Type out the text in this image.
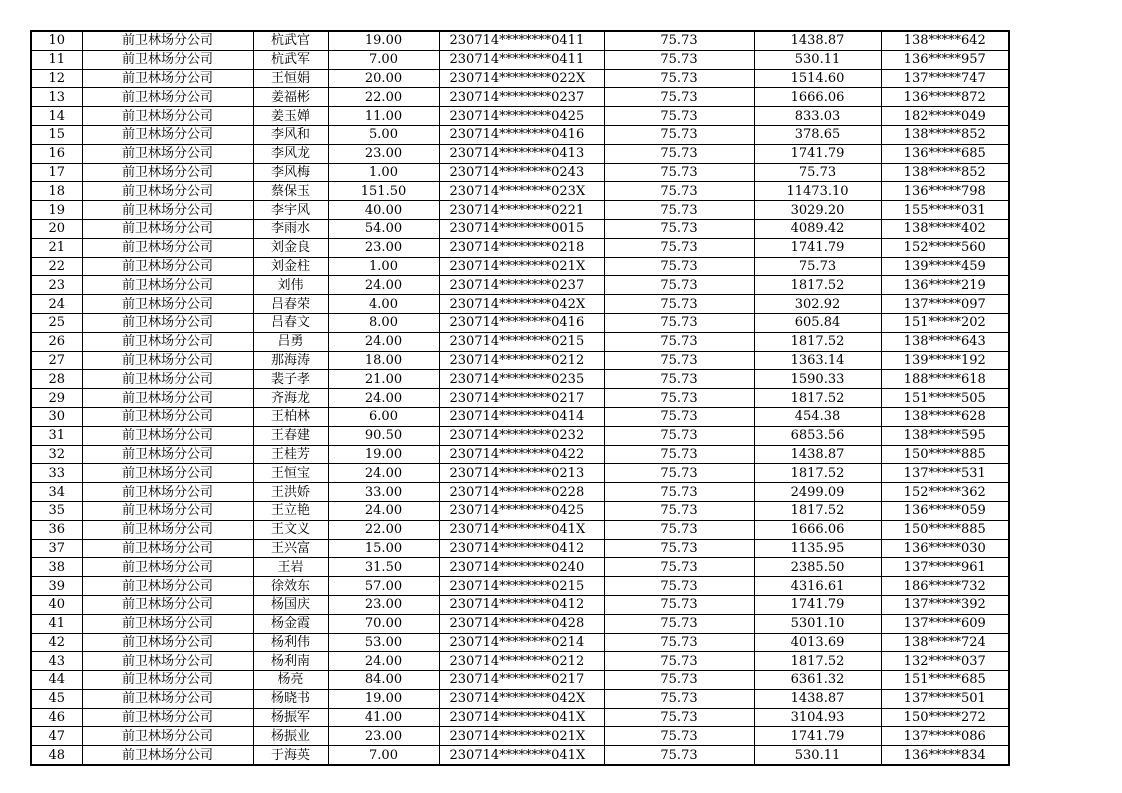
10	前卫林场分公司	杭武官	19.00	230714********0411	75.73	1438.87	138*****642
11	前卫林场分公司	杭武军	7.00	230714********0411	75.73	530.11	136*****957
12	前卫林场分公司	王恒娟	20.00	230714********022X	75.73	1514.60	137*****747
13	前卫林场分公司	姜福彬	22.00	230714********0237	75.73	1666.06	136*****872
14	前卫林场分公司	姜玉婵	11.00	230714********0425	75.73	833.03	182*****049
15	前卫林场分公司	李风和	5.00	230714********0416	75.73	378.65	138*****852
16	前卫林场分公司	李风龙	23.00	230714********0413	75.73	1741.79	136*****685
17	前卫林场分公司	李风梅	1.00	230714********0243	75.73	75.73	138*****852
18	前卫林场分公司	蔡保玉	151.50	230714********023X	75.73	11473.10	136*****798
19	前卫林场分公司	李宇风	40.00	230714********0221	75.73	3029.20	155*****031
20	前卫林场分公司	李雨水	54.00	230714********0015	75.73	4089.42	138*****402
21	前卫林场分公司	刘金良	23.00	230714********0218	75.73	1741.79	152*****560
22	前卫林场分公司	刘金柱	1.00	230714********021X	75.73	75.73	139*****459
23	前卫林场分公司	刘伟	24.00	230714********0237	75.73	1817.52	136*****219
24	前卫林场分公司	吕春荣	4.00	230714********042X	75.73	302.92	137*****097
25	前卫林场分公司	吕春文	8.00	230714********0416	75.73	605.84	151*****202
26	前卫林场分公司	吕勇	24.00	230714********0215	75.73	1817.52	138*****643
27	前卫林场分公司	那海涛	18.00	230714********0212	75.73	1363.14	139*****192
28	前卫林场分公司	裴子孝	21.00	230714********0235	75.73	1590.33	188*****618
29	前卫林场分公司	齐海龙	24.00	230714********0217	75.73	1817.52	151*****505
30	前卫林场分公司	王柏林	6.00	230714********0414	75.73	454.38	138*****628
31	前卫林场分公司	王春建	90.50	230714********0232	75.73	6853.56	138*****595
32	前卫林场分公司	王桂芳	19.00	230714********0422	75.73	1438.87	150*****885
33	前卫林场分公司	王恒宝	24.00	230714********0213	75.73	1817.52	137*****531
34	前卫林场分公司	王洪娇	33.00	230714********0228	75.73	2499.09	152*****362
35	前卫林场分公司	王立艳	24.00	230714********0425	75.73	1817.52	136*****059
36	前卫林场分公司	王文义	22.00	230714********041X	75.73	1666.06	150*****885
37	前卫林场分公司	王兴富	15.00	230714********0412	75.73	1135.95	136*****030
38	前卫林场分公司	王岩	31.50	230714********0240	75.73	2385.50	137*****961
39	前卫林场分公司	徐效东	57.00	230714********0215	75.73	4316.61	186*****732
40	前卫林场分公司	杨国庆	23.00	230714********0412	75.73	1741.79	137*****392
41	前卫林场分公司	杨金霞	70.00	230714********0428	75.73	5301.10	137*****609
42	前卫林场分公司	杨利伟	53.00	230714********0214	75.73	4013.69	138*****724
43	前卫林场分公司	杨利南	24.00	230714********0212	75.73	1817.52	132*****037
44	前卫林场分公司	杨亮	84.00	230714********0217	75.73	6361.32	151*****685
45	前卫林场分公司	杨晓书	19.00	230714********042X	75.73	1438.87	137*****501
46	前卫林场分公司	杨振军	41.00	230714********041X	75.73	3104.93	150*****272
47	前卫林场分公司	杨振业	23.00	230714********021X	75.73	1741.79	137*****086
48	前卫林场分公司	于海英	7.00	230714********041X	75.73	530.11	136*****834
